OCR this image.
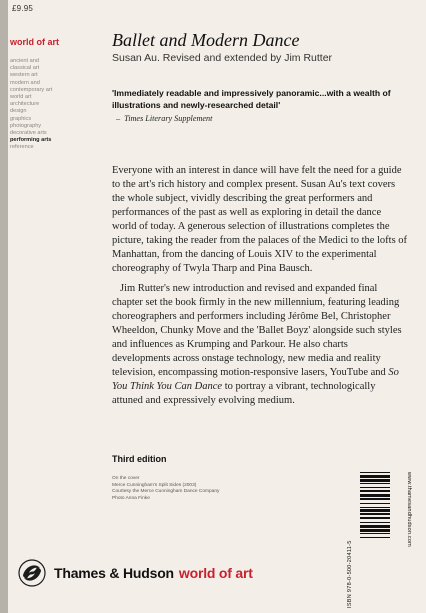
£9.95
world of art
ancient and
classical art
western art
modern and
contemporary art
world art
architecture
design
graphics
photography
decorative arts
performing arts
reference
Ballet and Modern Dance
Susan Au. Revised and extended by Jim Rutter
'Immediately readable and impressively panoramic...with a wealth of illustrations and newly-researched detail'
– Times Literary Supplement

Everyone with an interest in dance will have felt the need for a guide to the art's rich history and complex present. Susan Au's text covers the whole subject, vividly describing the great performers and performances of the past as well as exploring in detail the dance world of today. A generous selection of illustrations completes the picture, taking the reader from the palaces of the Medici to the lofts of Manhattan, from the dancing of Louis XIV to the experimental choreography of Twyla Tharp and Pina Bausch.

Jim Rutter's new introduction and revised and expanded final chapter set the book firmly in the new millennium, featuring leading choreographers and performers including Jérôme Bel, Christopher Wheeldon, Chunky Move and the 'Ballet Boyz' alongside such styles and influences as Krumping and Parkour. He also charts developments across onstage technology, new media and reality television, encompassing motion-responsive lasers, YouTube and So You Think You Can Dance to portray a vibrant, technologically attuned and expressively evolving medium.

Third edition
On the cover
Merce Cunningham's Split Sides (2003)
Courtesy the Merce Cunningham Dance Company
Photo Anna Finke
ISBN 978-0-500-20411-5
www.thamesandhudson.com
Thames & Hudson world of art
